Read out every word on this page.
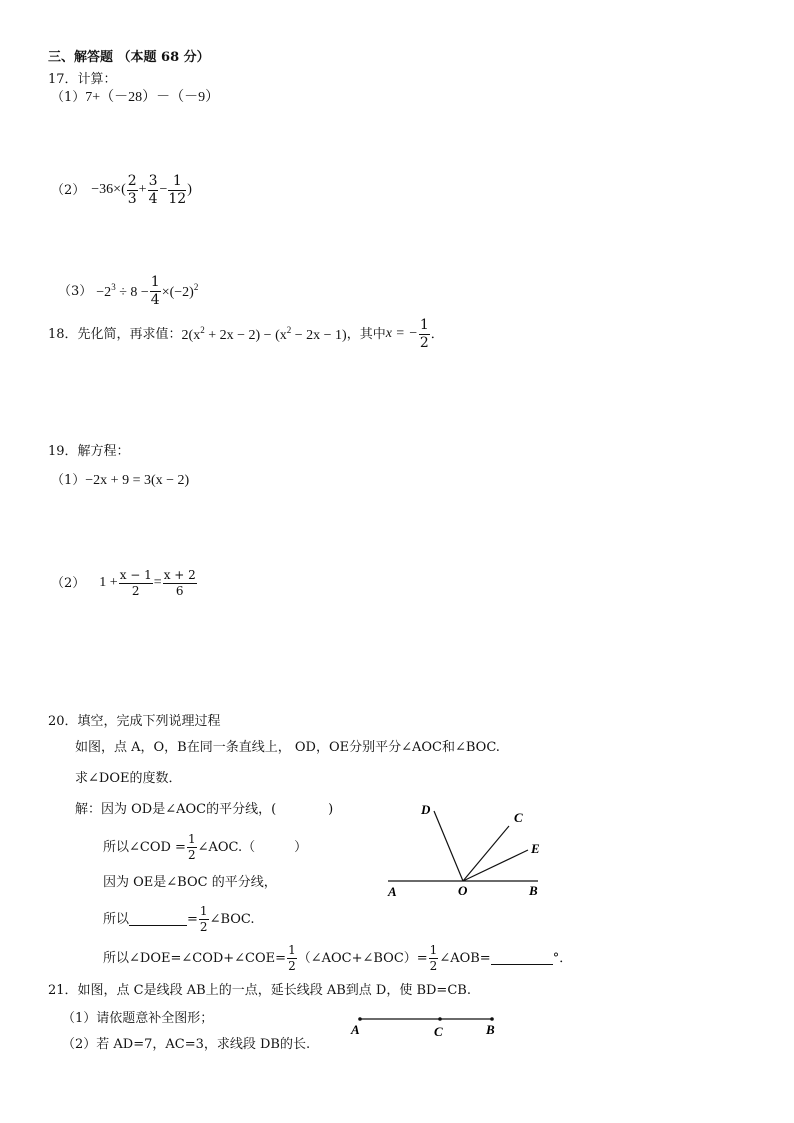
三、解答题 （本题 68 分）
17．计算：
（1）7+（－28）－（－9）
$(2) -36\times( \frac{2}{3} + \frac{3}{4} - \frac{1}{12}$ )
$(3) -2^3 \div 8 - \frac{1}{4} \times(-2)^2$
18．先化简，再求值： $2(x^2 + 2x - 2) - (x^2 - 2x - 1)$ ，其中 x = − $\frac{1}{2}$ ．
19．解方程：
（1）−2x + 9 = 3(x − 2)
（2） $1 + \frac{x - 1}{2} = \frac{x + 2}{6}$
20．填空，完成下列说理过程
如图，点 A，O，B在同一条直线上， OD，OE分别平分∠AOC和∠BOC.
求∠DOE的度数．
解：因为 OD是∠AOC的平分线，(　　　　)
所以∠COD = $\frac{1}{2}$ ∠AOC.（　　　）
因为 OE是∠BOC 的平分线，
所以	= $\frac{1}{2}$ ∠BOC.
所以∠DOE=∠COD+∠COE= $\frac{1}{2}$ （∠AOC+∠BOC）= $\frac{1}{2}$ ∠AOB=	°．
D
C
E
A	O	B
21．如图，点 C是线段 AB上的一点，延长线段 AB到点 D，使 BD=CB.
（1）请依题意补全图形；
（2）若 AD=7，AC=3，求线段 DB的长.
A	C	B
